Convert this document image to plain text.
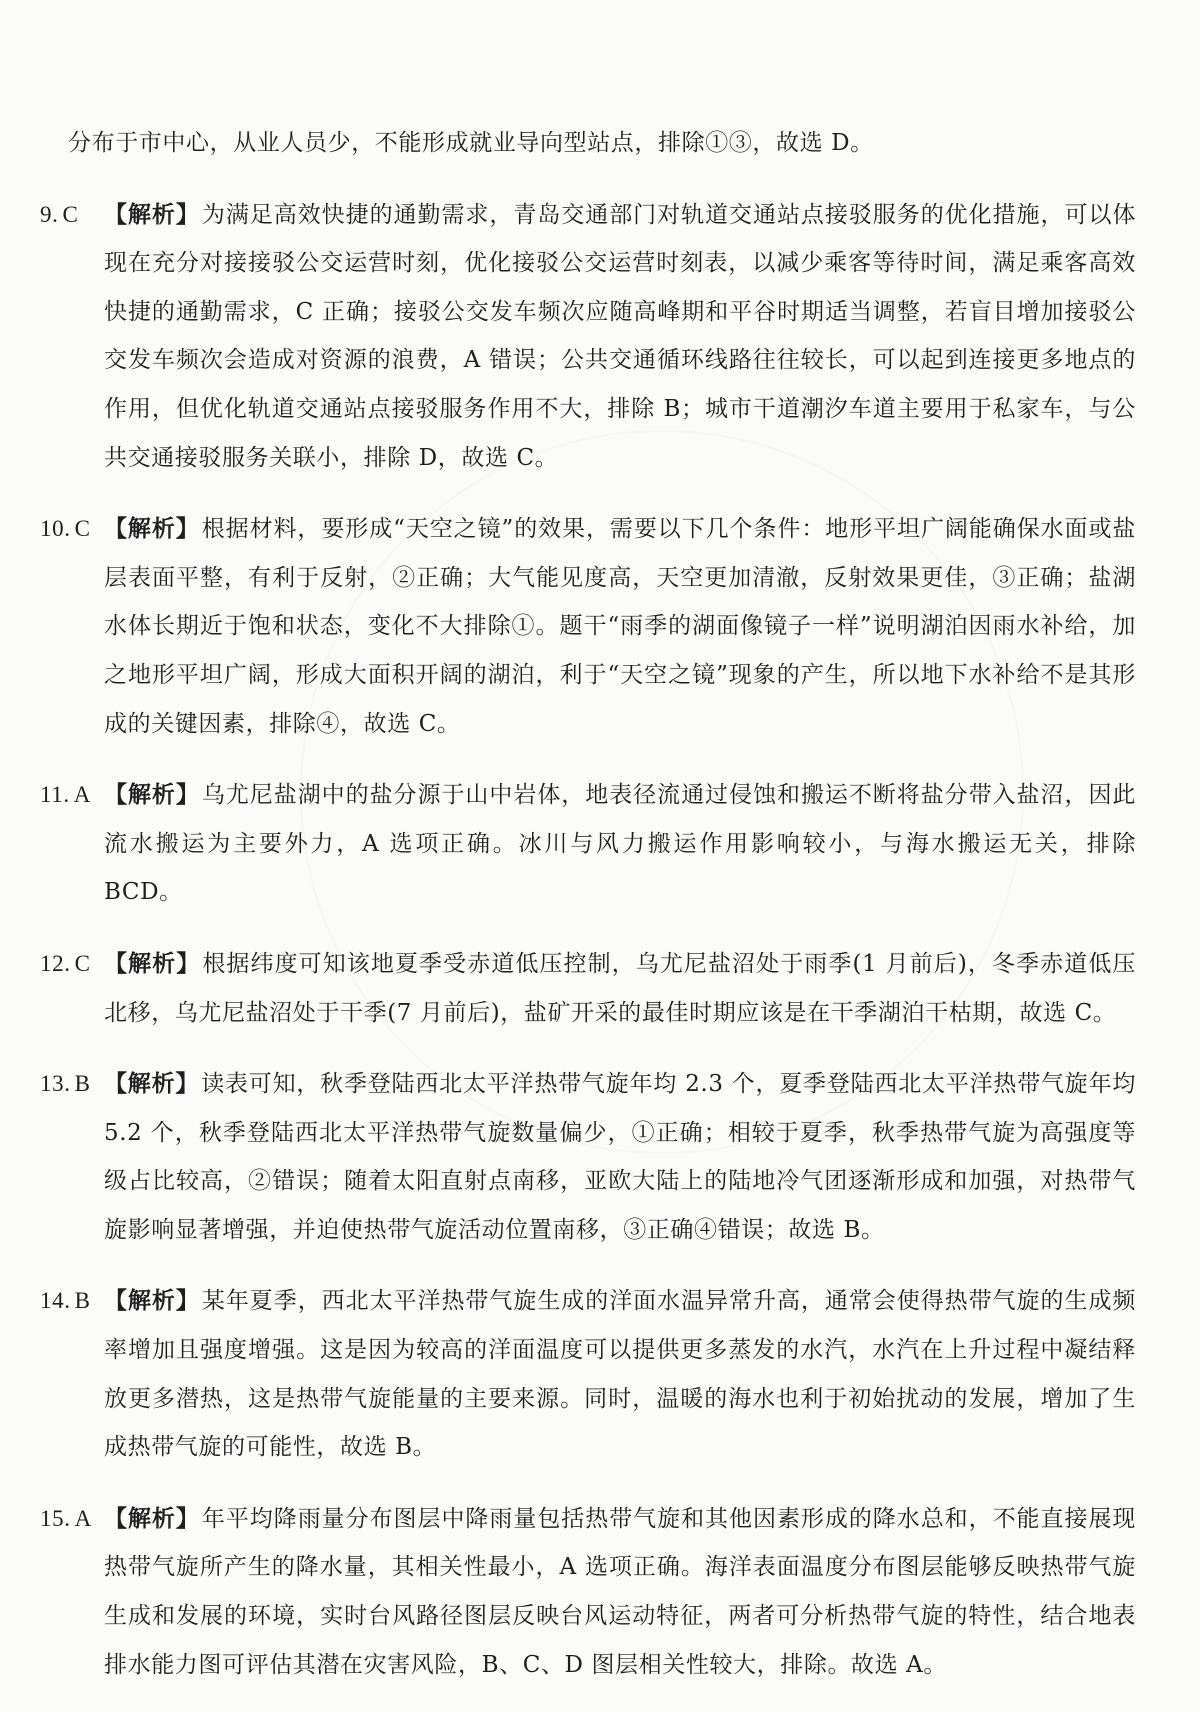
分布于市中心，从业人员少，不能形成就业导向型站点，排除①③，故选 D。

9. C	【解析】为满足高效快捷的通勤需求，青岛交通部门对轨道交通站点接驳服务的优化措施，可以体现在充分对接接驳公交运营时刻，优化接驳公交运营时刻表，以减少乘客等待时间，满足乘客高效快捷的通勤需求，C 正确；接驳公交发车频次应随高峰期和平谷时期适当调整，若盲目增加接驳公交发车频次会造成对资源的浪费，A 错误；公共交通循环线路往往较长，可以起到连接更多地点的作用，但优化轨道交通站点接驳服务作用不大，排除 B；城市干道潮汐车道主要用于私家车，与公共交通接驳服务关联小，排除 D，故选 C。

10. C 【解析】根据材料，要形成“天空之镜”的效果，需要以下几个条件：地形平坦广阔能确保水面或盐层表面平整，有利于反射，②正确；大气能见度高，天空更加清澈，反射效果更佳，③正确；盐湖水体长期近于饱和状态，变化不大排除①。题干“雨季的湖面像镜子一样”说明湖泊因雨水补给，加之地形平坦广阔，形成大面积开阔的湖泊，利于“天空之镜”现象的产生，所以地下水补给不是其形成的关键因素，排除④，故选 C。

11. A 【解析】乌尤尼盐湖中的盐分源于山中岩体，地表径流通过侵蚀和搬运不断将盐分带入盐沼，因此流水搬运为主要外力，A 选项正确。冰川与风力搬运作用影响较小，与海水搬运无关，排除 BCD。

12. C 【解析】根据纬度可知该地夏季受赤道低压控制，乌尤尼盐沼处于雨季(1 月前后)，冬季赤道低压北移，乌尤尼盐沼处于干季(7 月前后)，盐矿开采的最佳时期应该是在干季湖泊干枯期，故选 C。

13. B 【解析】读表可知，秋季登陆西北太平洋热带气旋年均 2.3 个，夏季登陆西北太平洋热带气旋年均 5.2 个，秋季登陆西北太平洋热带气旋数量偏少，①正确；相较于夏季，秋季热带气旋为高强度等级占比较高，②错误；随着太阳直射点南移，亚欧大陆上的陆地冷气团逐渐形成和加强，对热带气旋影响显著增强，并迫使热带气旋活动位置南移，③正确④错误；故选 B。

14. B 【解析】某年夏季，西北太平洋热带气旋生成的洋面水温异常升高，通常会使得热带气旋的生成频率增加且强度增强。这是因为较高的洋面温度可以提供更多蒸发的水汽，水汽在上升过程中凝结释放更多潜热，这是热带气旋能量的主要来源。同时，温暖的海水也利于初始扰动的发展，增加了生成热带气旋的可能性，故选 B。

15. A 【解析】年平均降雨量分布图层中降雨量包括热带气旋和其他因素形成的降水总和，不能直接展现热带气旋所产生的降水量，其相关性最小，A 选项正确。海洋表面温度分布图层能够反映热带气旋生成和发展的环境，实时台风路径图层反映台风运动特征，两者可分析热带气旋的特性，结合地表排水能力图可评估其潜在灾害风险，B、C、D 图层相关性较大，排除。故选 A。
